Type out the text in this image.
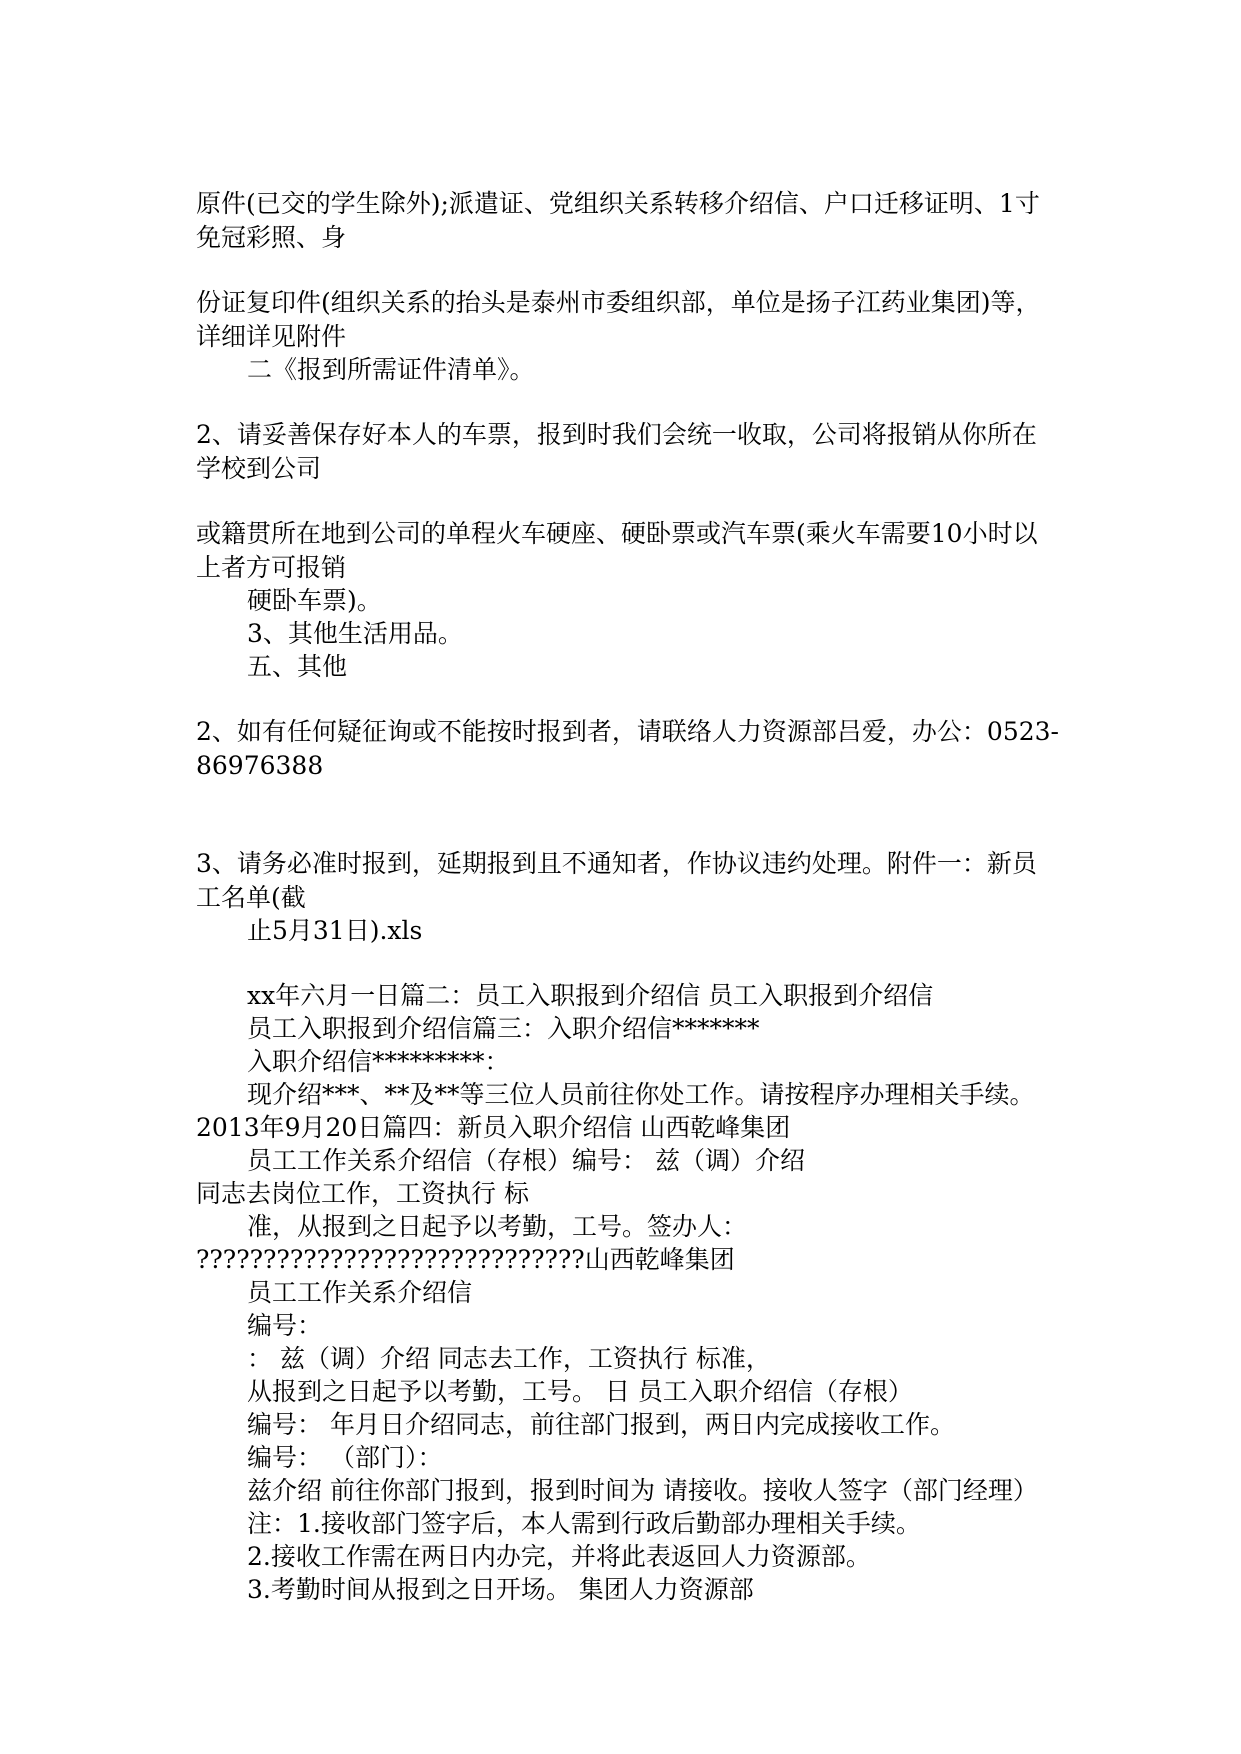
原件(已交的学生除外);派遣证、党组织关系转移介绍信、户口迁移证明、1寸

免冠彩照、身

份证复印件(组织关系的抬头是泰州市委组织部，单位是扬子江药业集团)等，

详细详见附件

二《报到所需证件清单》。

2、请妥善保存好本人的车票，报到时我们会统一收取，公司将报销从你所在

学校到公司

或籍贯所在地到公司的单程火车硬座、硬卧票或汽车票(乘火车需要10小时以

上者方可报销

硬卧车票)。

3、其他生活用品。

五、其他

2、如有任何疑征询或不能按时报到者，请联络人力资源部吕爱，办公：0523-

86976388

3、请务必准时报到，延期报到且不通知者，作协议违约处理。附件一：新员

工名单(截

止5月31日).xls

xx年六月一日篇二：员工入职报到介绍信 员工入职报到介绍信

员工入职报到介绍信篇三：入职介绍信*******

入职介绍信*********：

现介绍***、**及**等三位人员前往你处工作。请按程序办理相关手续。

2013年9月20日篇四：新员入职介绍信 山西乾峰集团

员工工作关系介绍信（存根）编号： 兹（调）介绍

同志去岗位工作，工资执行 标

准，从报到之日起予以考勤，工号。签办人：

?????????????????????????????山西乾峰集团

员工工作关系介绍信

编号：

： 兹（调）介绍 同志去工作，工资执行 标准，

从报到之日起予以考勤，工号。 日 员工入职介绍信（存根）

编号： 年月日介绍同志，前往部门报到，两日内完成接收工作。

编号： （部门）：

兹介绍 前往你部门报到，报到时间为 请接收。接收人签字（部门经理）

注：1.接收部门签字后，本人需到行政后勤部办理相关手续。

2.接收工作需在两日内办完，并将此表返回人力资源部。

3.考勤时间从报到之日开场。 集团人力资源部
